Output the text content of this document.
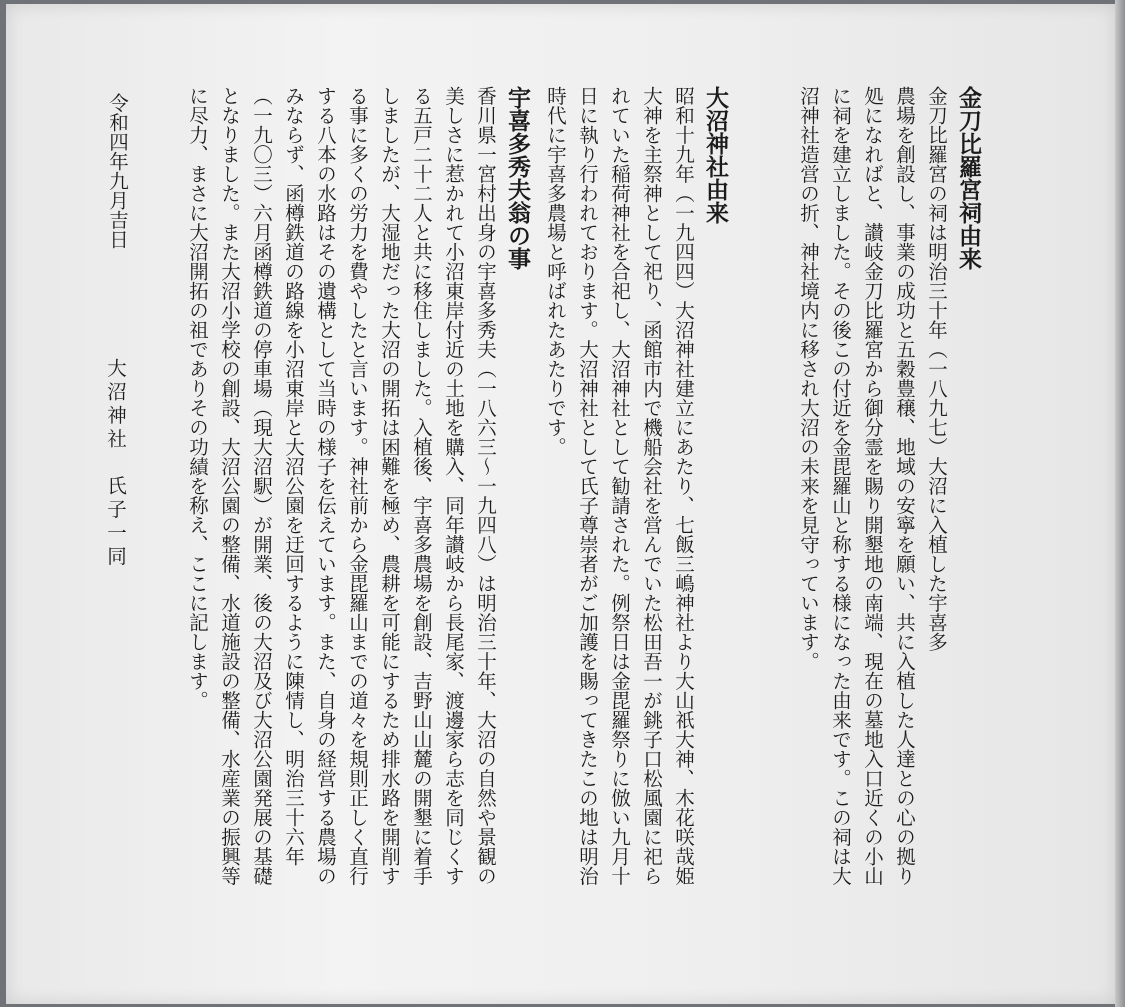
金刀比羅宮祠由来
金刀比羅宮の祠は明治三十年（一八九七）大沼に入植した宇喜多
農場を創設し、事業の成功と五穀豊穣、地域の安寧を願い、共に入植した人達との心の拠り
処になればと、讃岐金刀比羅宮から御分霊を賜り開墾地の南端、現在の墓地入口近くの小山
に祠を建立しました。その後この付近を金毘羅山と称する様になった由来です。この祠は大
沼神社造営の折、神社境内に移され大沼の未来を見守っています。
大沼神社由来
昭和十九年（一九四四）大沼神社建立にあたり、七飯三嶋神社より大山祇大神、木花咲哉姫
大神を主祭神として祀り、函館市内で機船会社を営んでいた松田吾一が銚子口松風園に祀ら
れていた稲荷神社を合祀し、大沼神社として勧請された。例祭日は金毘羅祭りに倣い九月十
日に執り行われております。大沼神社として氏子尊崇者がご加護を賜ってきたこの地は明治
時代に宇喜多農場と呼ばれたあたりです。
宇喜多秀夫翁の事
香川県一宮村出身の宇喜多秀夫（一八六三～一九四八）は明治三十年、大沼の自然や景観の
美しさに惹かれて小沼東岸付近の土地を購入、同年讃岐から長尾家、渡邊家ら志を同じくす
る五戸二十二人と共に移住しました。入植後、宇喜多農場を創設、吉野山山麓の開墾に着手
しましたが、大湿地だった大沼の開拓は困難を極め、農耕を可能にするため排水路を開削す
る事に多くの労力を費やしたと言います。神社前から金毘羅山までの道々を規則正しく直行
する八本の水路はその遺構として当時の様子を伝えています。また、自身の経営する農場の
みならず、函樽鉄道の路線を小沼東岸と大沼公園を迂回するように陳情し、明治三十六年
（一九〇三）六月函樽鉄道の停車場（現大沼駅）が開業、後の大沼及び大沼公園発展の基礎
となりました。また大沼小学校の創設、大沼公園の整備、水道施設の整備、水産業の振興等
に尽力、まさに大沼開拓の祖でありその功績を称え、ここに記します。
令和四年九月吉日
大沼神社　氏子一同
